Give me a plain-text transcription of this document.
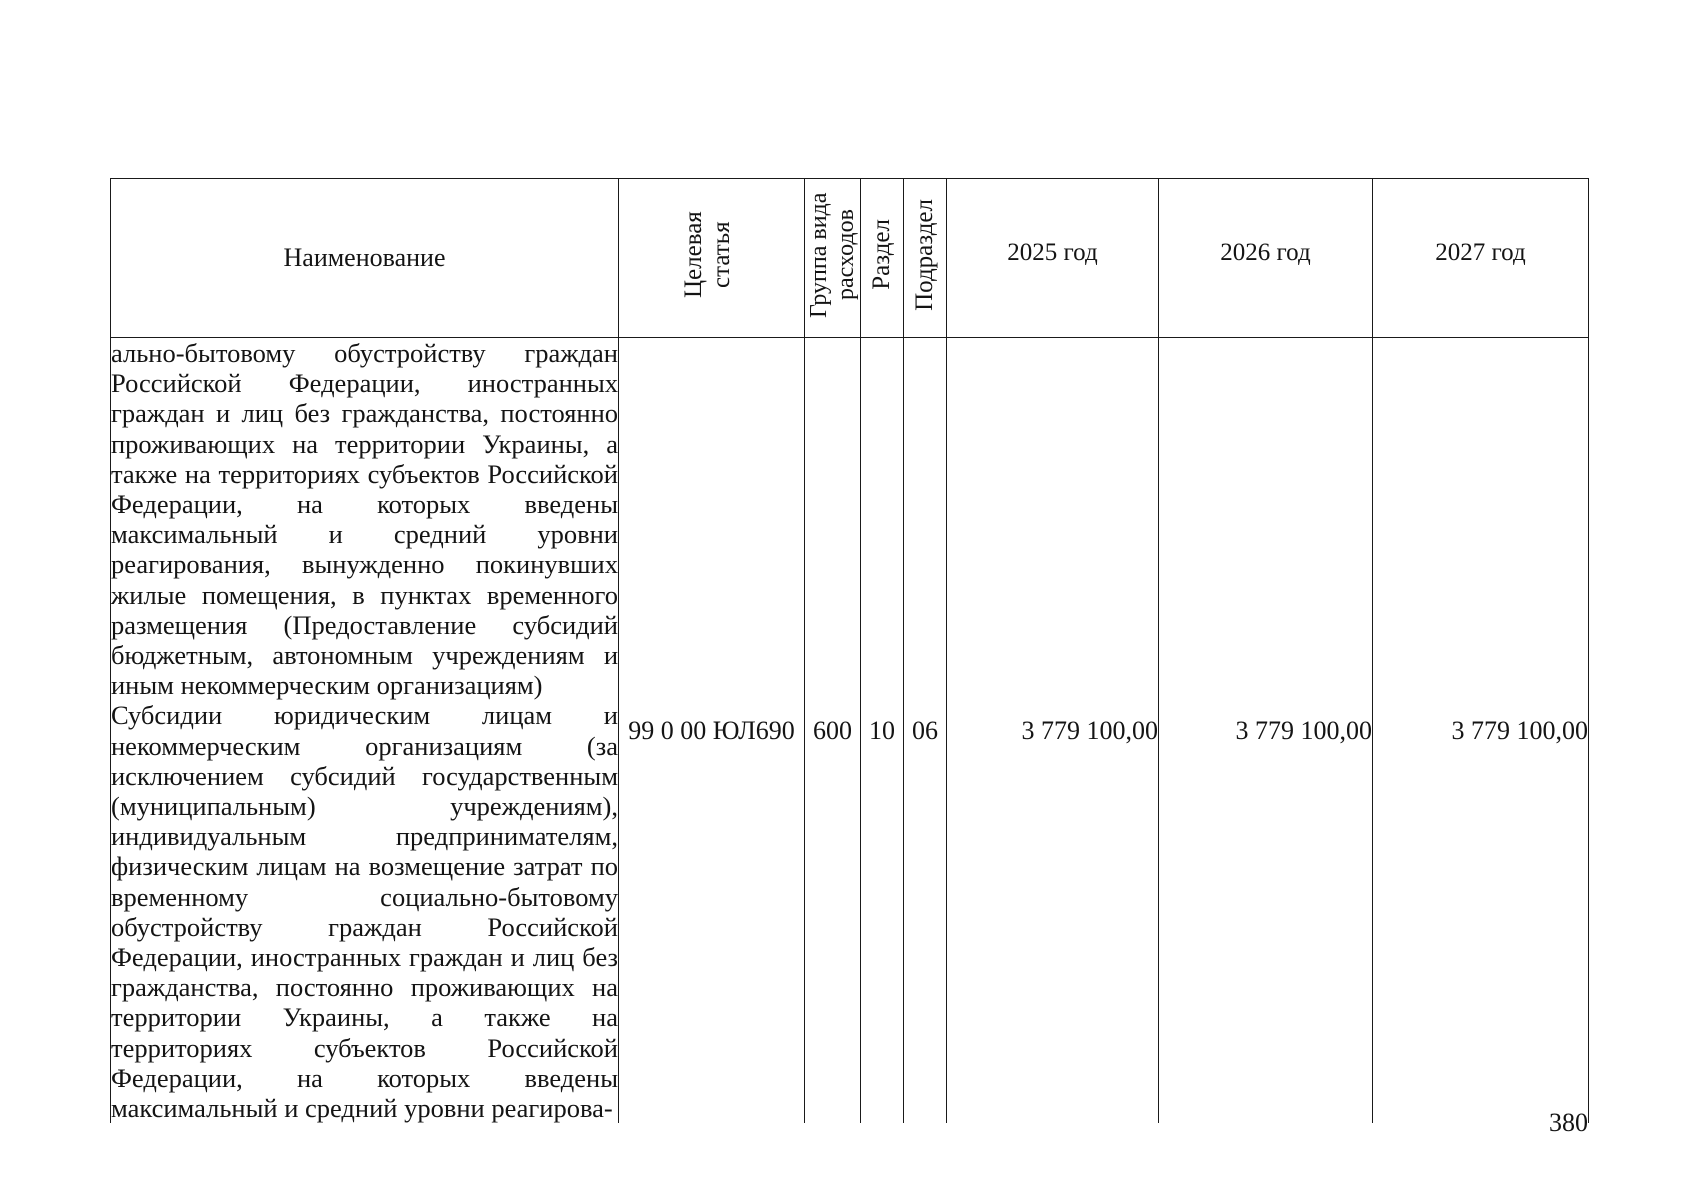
Наименование	Целевая статья	Группа вида расходов	Раздел	Подраздел	2025 год	2026 год	2027 год

ально-бытовому обустройству граждан Российской Федерации, иностранных граждан и лиц без гражданства, постоянно проживающих на территории Украины, а также на территориях субъектов Российской Федерации, на которых введены максимальный и средний уровни реагирования, вынужденно покинувших жилые помещения, в пунктах временного размещения (Предоставление субсидий бюджетным, автономным учреждениям и иным некоммерческим организациям)
Субсидии юридическим лицам и некоммерческим организациям (за исключением субсидий государственным (муниципальным) учреждениям), индивидуальным предпринимателям, физическим лицам на возмещение затрат по временному социально-бытовому обустройству граждан Российской Федерации, иностранных граждан и лиц без гражданства, постоянно проживающих на территории Украины, а также на территориях субъектов Российской Федерации, на которых введены максимальный и средний уровни реагирова-	99 0 00 ЮЛ690	600	10	06	3 779 100,00	3 779 100,00	3 779 100,00
380
